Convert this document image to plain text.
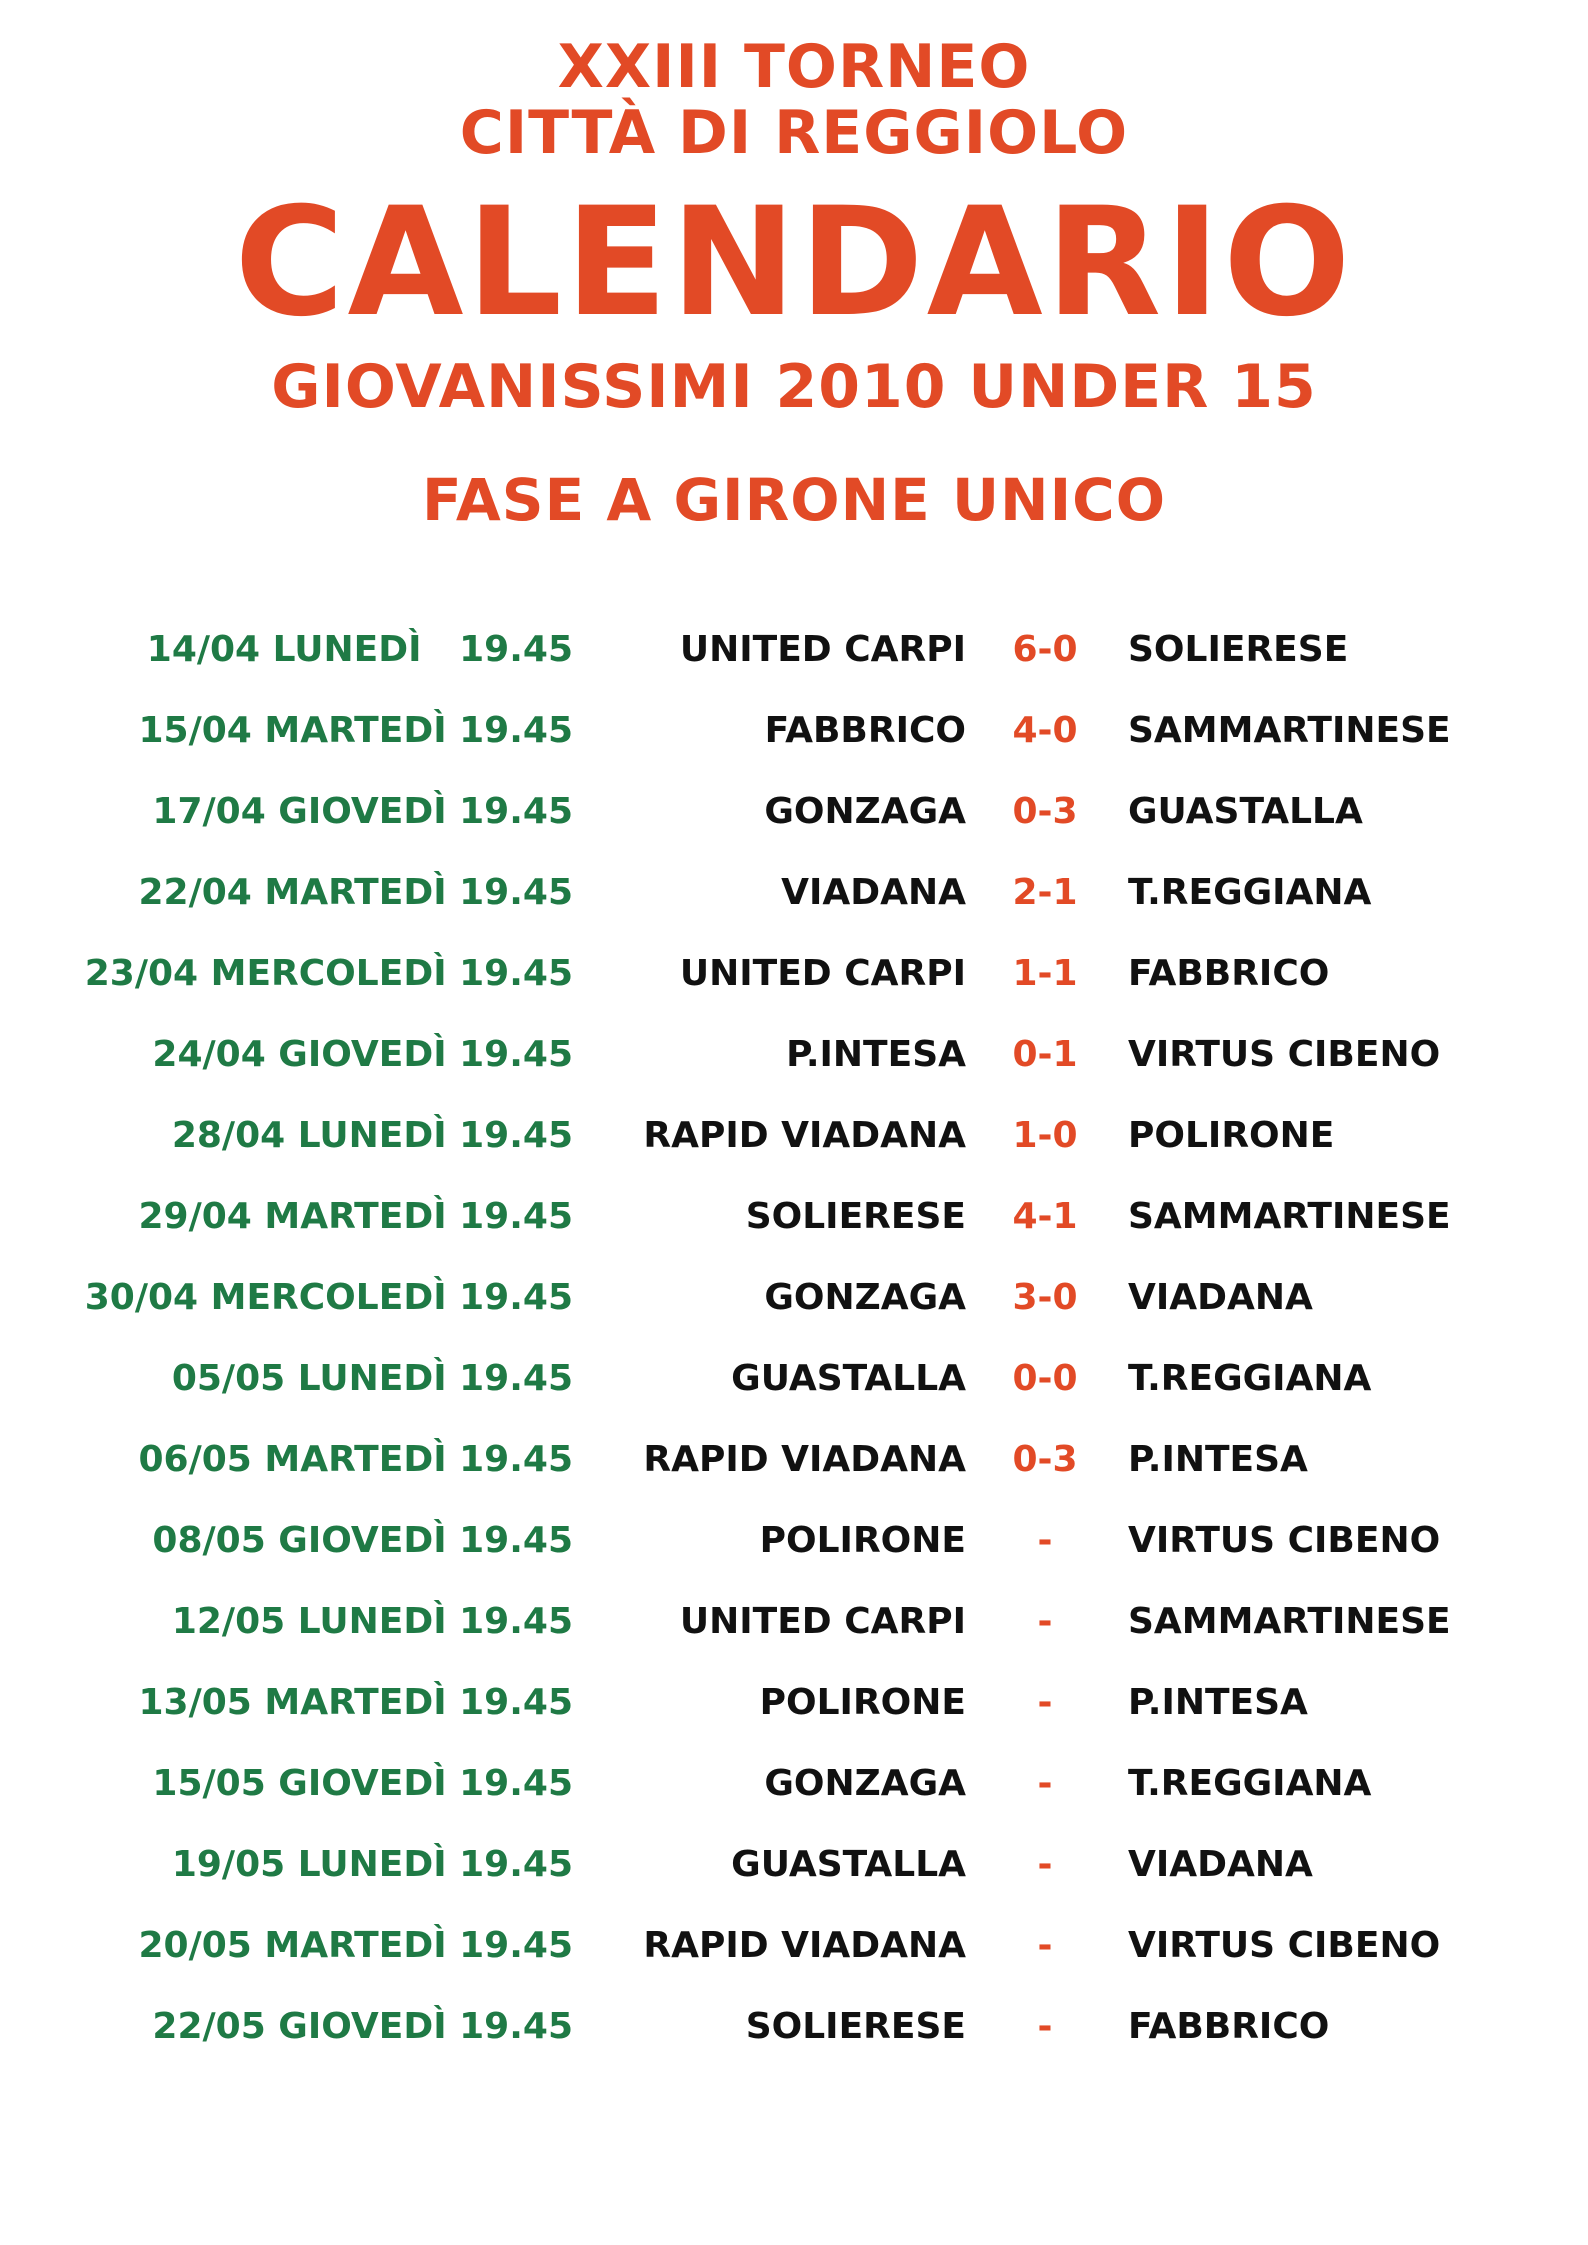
XXIII TORNEO
CITTÀ DI REGGIOLO
CALENDARIO
GIOVANISSIMI 2010 UNDER 15
FASE A GIRONE UNICO
14/04 LUNEDÌ   19.45	UNITED CARPI	6-0	SOLIERESE
15/04 MARTEDÌ 19.45	FABBRICO	4-0	SAMMARTINESE
17/04 GIOVEDÌ 19.45	GONZAGA	0-3	GUASTALLA
22/04 MARTEDÌ 19.45	VIADANA	2-1	T.REGGIANA
23/04 MERCOLEDÌ 19.45	UNITED CARPI	1-1	FABBRICO
24/04 GIOVEDÌ 19.45	P.INTESA	0-1	VIRTUS CIBENO
28/04 LUNEDÌ 19.45 RAPID VIADANA	1-0	POLIRONE
29/04 MARTEDÌ 19.45	SOLIERESE	4-1	SAMMARTINESE
30/04 MERCOLEDÌ 19.45	GONZAGA	3-0	VIADANA
05/05 LUNEDÌ 19.45	GUASTALLA	0-0	T.REGGIANA
06/05 MARTEDÌ 19.45 RAPID VIADANA	0-3	P.INTESA
08/05 GIOVEDÌ 19.45	POLIRONE	-	VIRTUS CIBENO
12/05 LUNEDÌ 19.45	UNITED CARPI	-	SAMMARTINESE
13/05 MARTEDÌ 19.45	POLIRONE	-	P.INTESA
15/05 GIOVEDÌ 19.45	GONZAGA	-	T.REGGIANA
19/05 LUNEDÌ 19.45	GUASTALLA	-	VIADANA
20/05 MARTEDÌ 19.45 RAPID VIADANA	-	VIRTUS CIBENO
22/05 GIOVEDÌ 19.45	SOLIERESE	-	FABBRICO
